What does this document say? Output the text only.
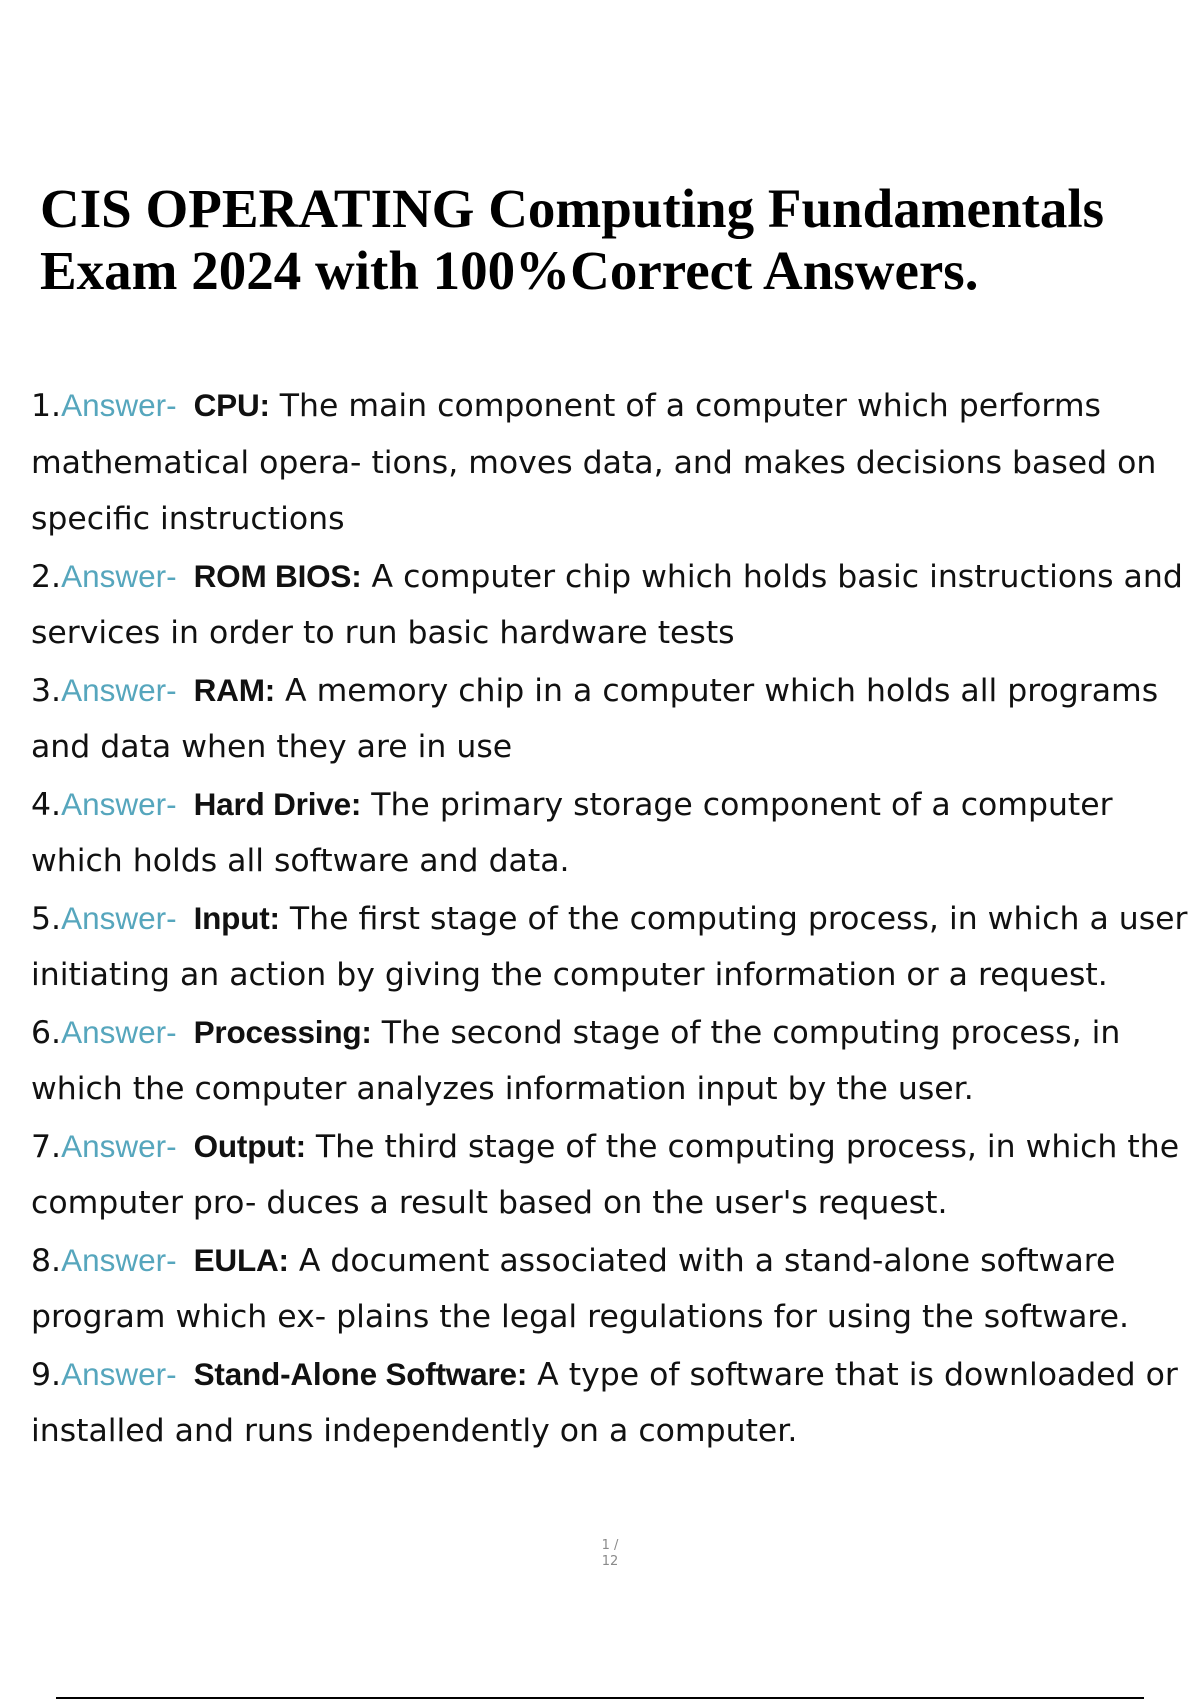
CIS OPERATING Computing Fundamentals
Exam 2024 with 100%Correct Answers.
1.Answer- CPU: The main component of a computer which performs mathematical opera- tions, moves data, and makes decisions based on specific instructions
2.Answer- ROM BIOS: A computer chip which holds basic instructions and services in order to run basic hardware tests
3.Answer- RAM: A memory chip in a computer which holds all programs and data when they are in use
4.Answer- Hard Drive: The primary storage component of a computer which holds all software and data.
5.Answer- Input: The first stage of the computing process, in which a user initiating an action by giving the computer information or a request.
6.Answer- Processing: The second stage of the computing process, in which the computer analyzes information input by the user.
7.Answer- Output: The third stage of the computing process, in which the computer pro- duces a result based on the user's request.
8.Answer- EULA: A document associated with a stand-alone software program which ex- plains the legal regulations for using the software.
9.Answer- Stand-Alone Software: A type of software that is downloaded or installed and runs independently on a computer.
1 /
12
